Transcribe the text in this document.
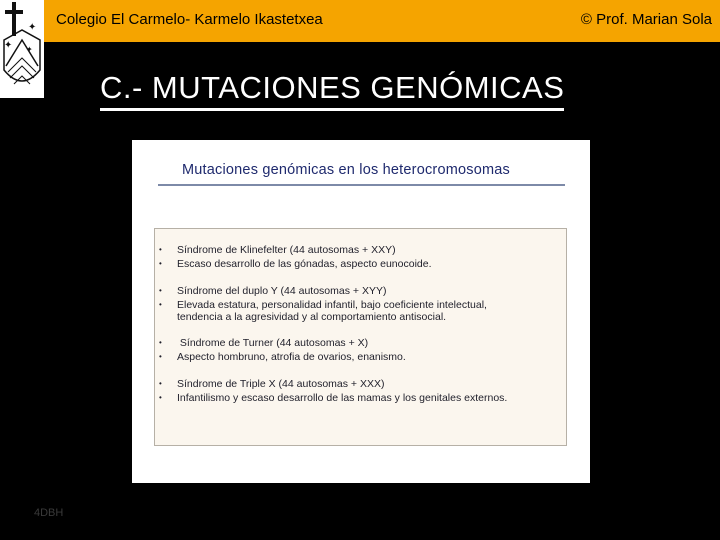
✦
✦ ✦
Colegio El Carmelo- Karmelo Ikastetxea	© Prof. Marian Sola
C.- MUTACIONES GENÓMICAS
Mutaciones genómicas en los heterocromosomas
• Síndrome de Klinefelter (44 autosomas + XXY)
• Escaso desarrollo de las gónadas, aspecto eunocoide.
• Síndrome del duplo Y (44 autosomas + XYY)
• Elevada estatura, personalidad infantil, bajo coeficiente intelectual,
tendencia a la agresividad y al comportamiento antisocial.
• Síndrome de Turner (44 autosomas + X)
• Aspecto hombruno, atrofia de ovarios, enanismo.
• Síndrome de Triple X (44 autosomas + XXX)
• Infantilismo y escaso desarrollo de las mamas y los genitales externos.
4DBH
